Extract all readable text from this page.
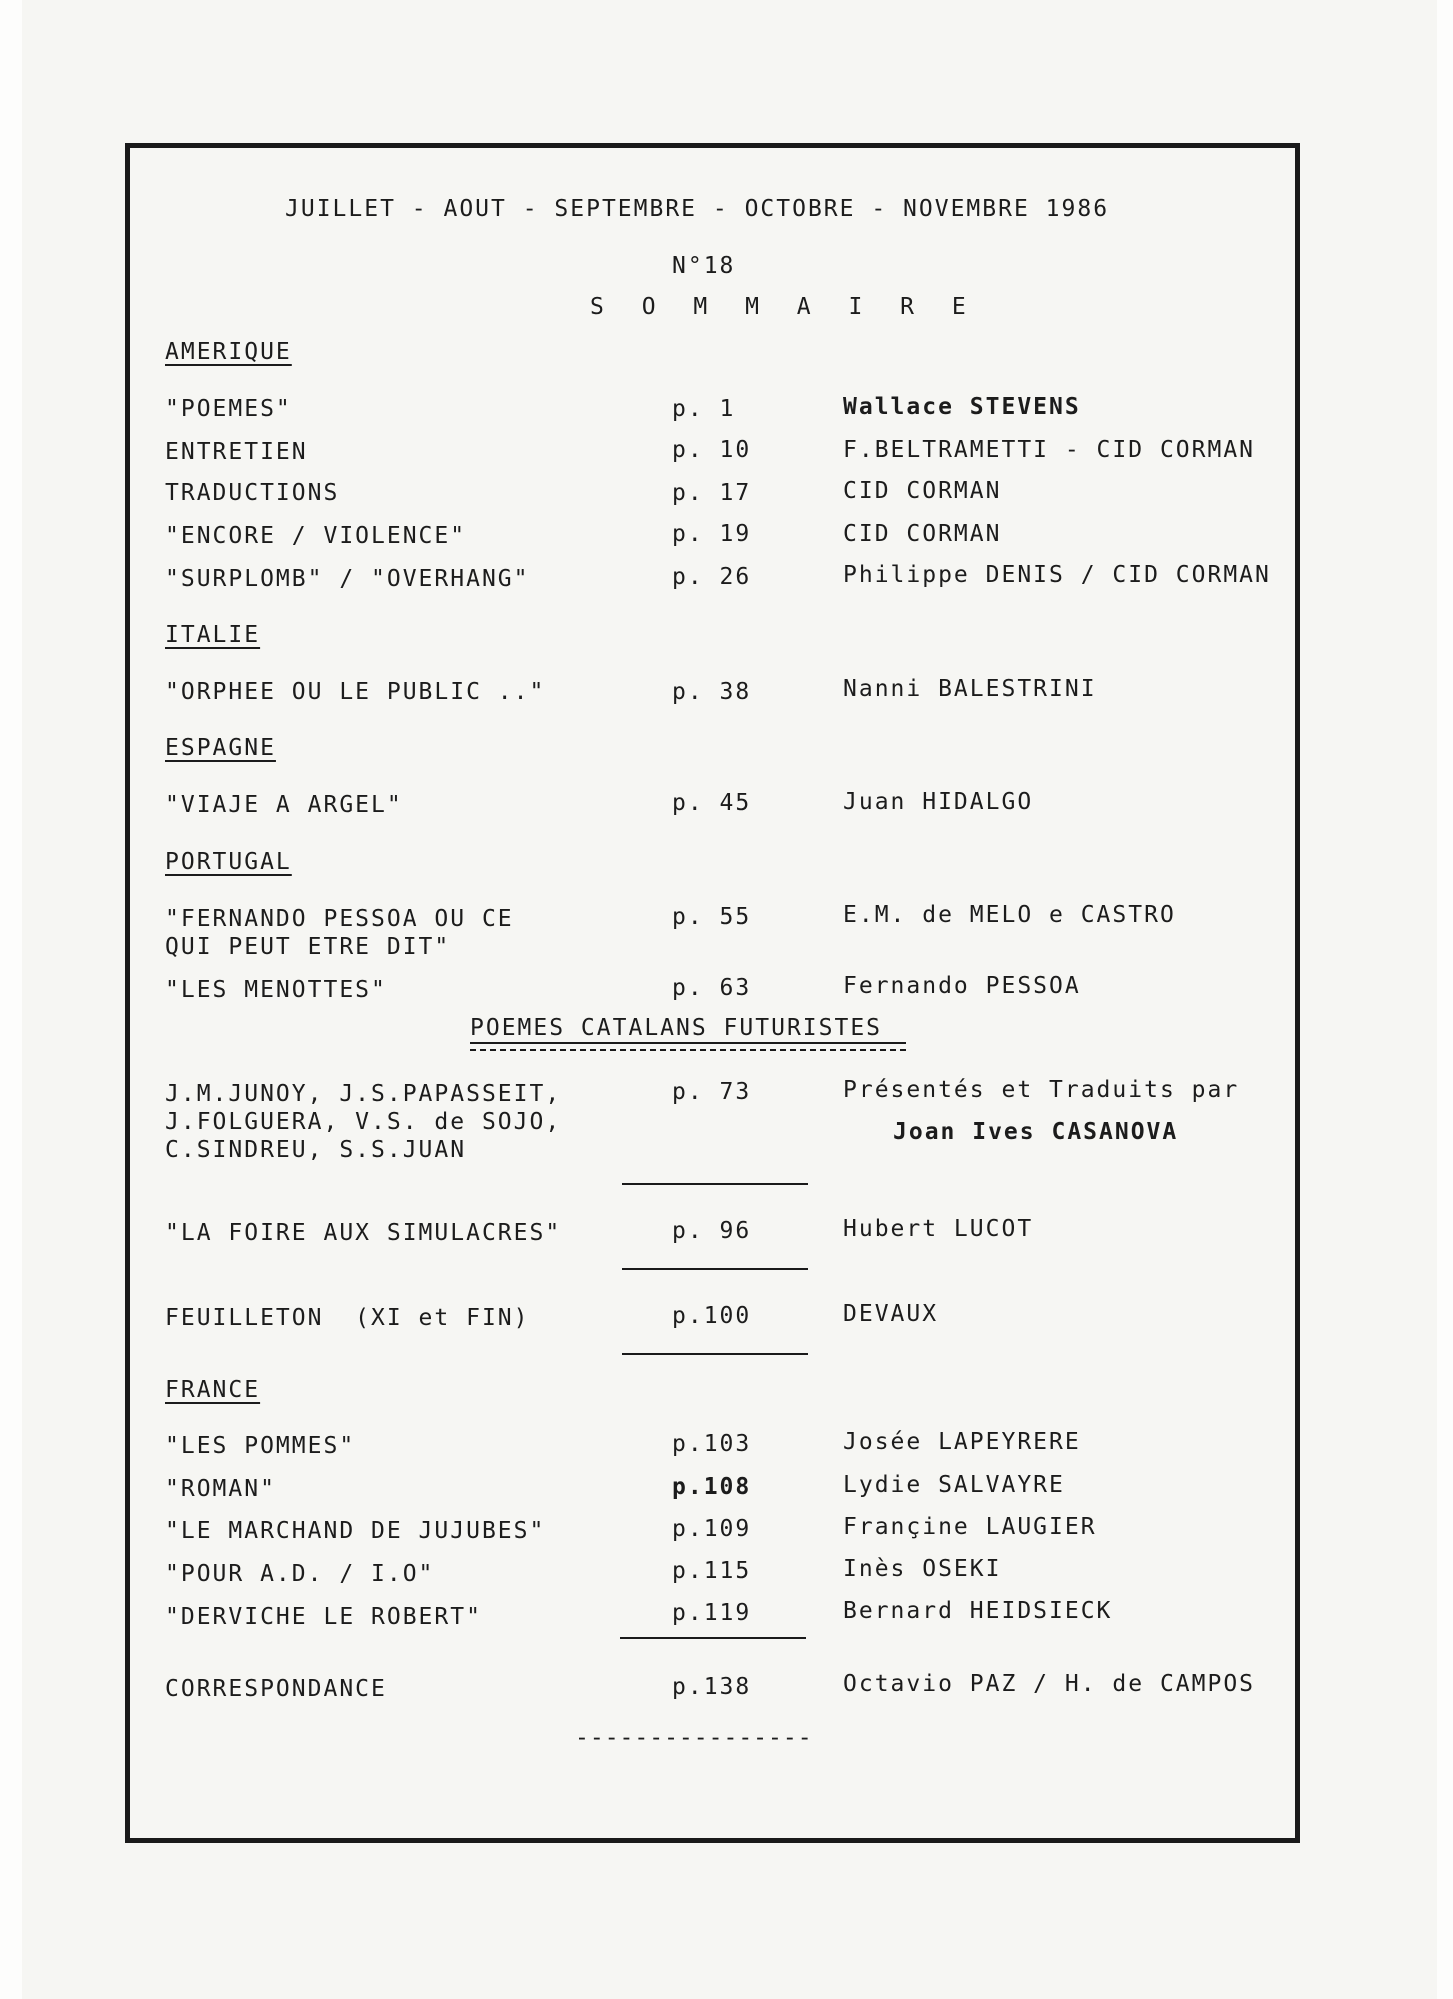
JUILLET - AOUT - SEPTEMBRE - OCTOBRE - NOVEMBRE 1986
N°18
S O M M A I R E
AMERIQUE
"POEMES"	p. 1	Wallace STEVENS
ENTRETIEN	p. 10	F.BELTRAMETTI - CID CORMAN
TRADUCTIONS	p. 17	CID CORMAN
"ENCORE / VIOLENCE"	p. 19	CID CORMAN
"SURPLOMB" / "OVERHANG"	p. 26	Philippe DENIS / CID CORMAN
ITALIE
"ORPHEE OU LE PUBLIC .."	p. 38	Nanni BALESTRINI
ESPAGNE
"VIAJE A ARGEL"	p. 45	Juan HIDALGO
PORTUGAL
"FERNANDO PESSOA OU CE
QUI PEUT ETRE DIT"
p. 55	E.M. de MELO e CASTRO
"LES MENOTTES"	p. 63	Fernando PESSOA
POEMES CATALANS FUTURISTES
J.M.JUNOY, J.S.PAPASSEIT,
J.FOLGUERA, V.S. de SOJO,
C.SINDREU, S.S.JUAN
p. 73	Présentés et Traduits par
Joan Ives CASANOVA
"LA FOIRE AUX SIMULACRES"	p. 96	Hubert LUCOT
FEUILLETON  (XI et FIN)	p.100	DEVAUX
FRANCE
"LES POMMES"	p.103	Josée LAPEYRERE
"ROMAN"	p.108	Lydie SALVAYRE
"LE MARCHAND DE JUJUBES"	p.109	Françine LAUGIER
"POUR A.D. / I.O"	p.115	Inès OSEKI
"DERVICHE LE ROBERT"	p.119	Bernard HEIDSIECK
CORRESPONDANCE	p.138	Octavio PAZ / H. de CAMPOS
----------------
